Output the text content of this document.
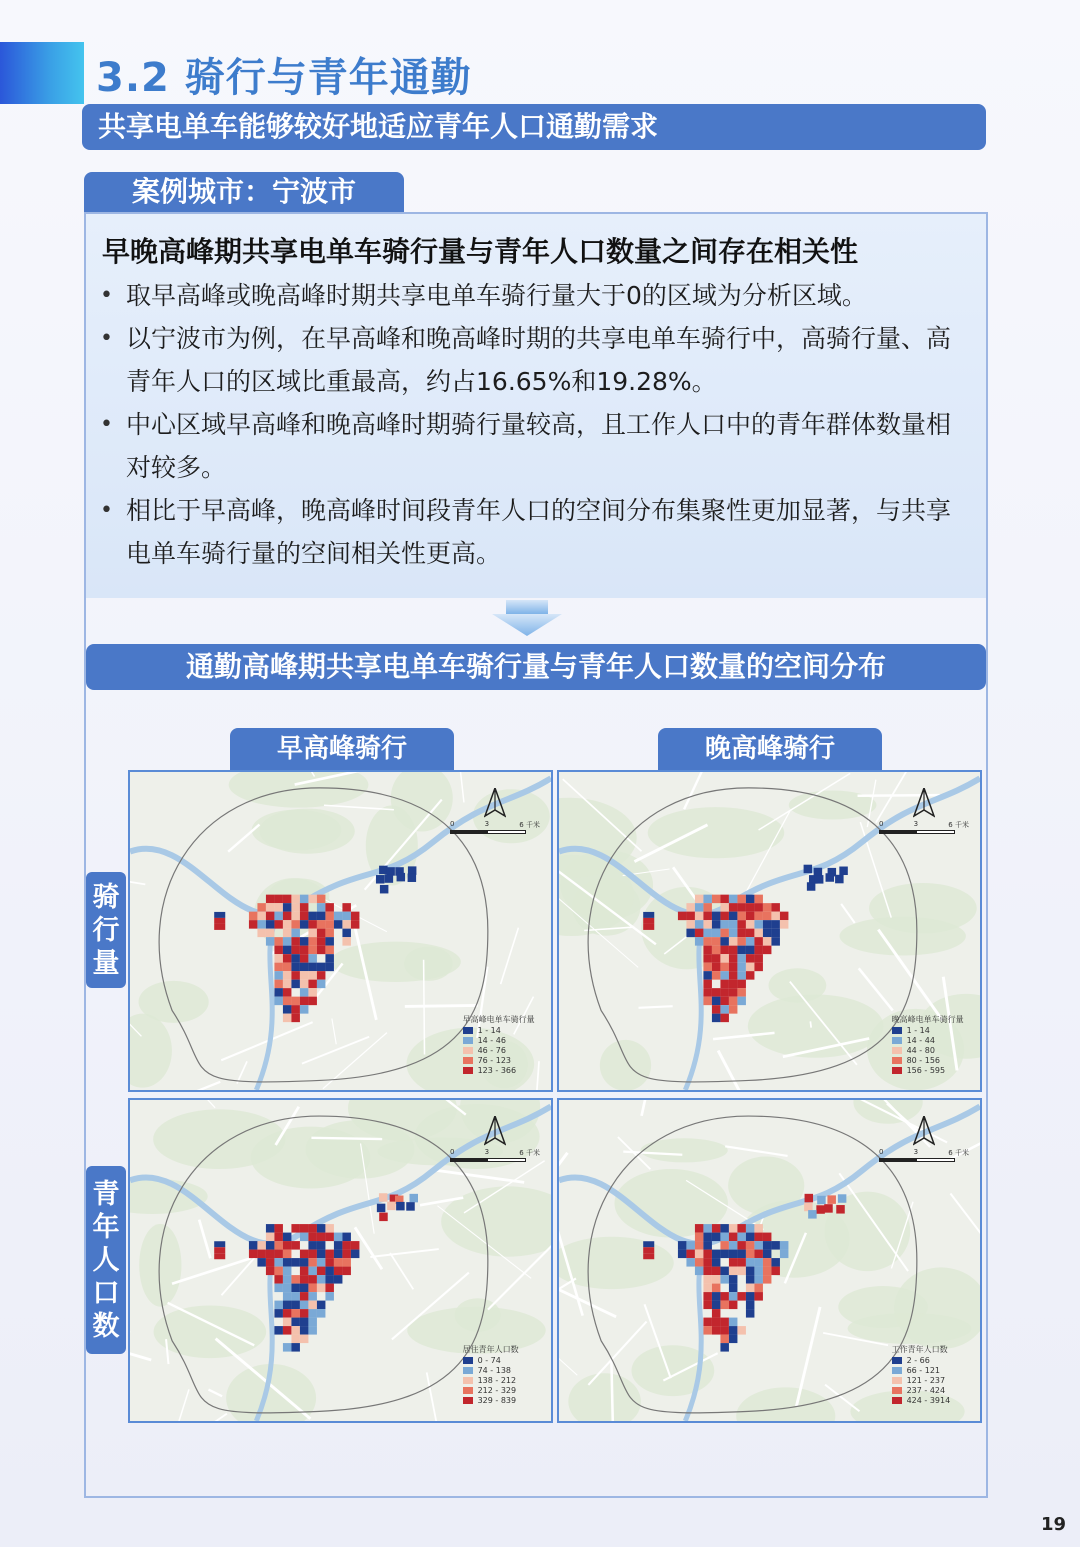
3.2 骑行与青年通勤
共享电单车能够较好地适应青年人口通勤需求
案例城市：宁波市
早晚高峰期共享电单车骑行量与青年人口数量之间存在相关性
• 取早高峰或晚高峰时期共享电单车骑行量大于0的区域为分析区域。
• 以宁波市为例，在早高峰和晚高峰时期的共享电单车骑行中，高骑行量、高青年人口的区域比重最高，约占16.65%和19.28%。
• 中心区域早高峰和晚高峰时期骑行量较高，且工作人口中的青年群体数量相对较多。
• 相比于早高峰，晚高峰时间段青年人口的空间分布集聚性更加显著，与共享电单车骑行量的空间相关性更高。
通勤高峰期共享电单车骑行量与青年人口数量的空间分布
早高峰骑行	晚高峰骑行
骑
行
量
青
年
人
口
数
0	3	6 千米
早高峰电单车骑行量
1 - 14
14 - 46
46 - 76
76 - 123
123 - 366
0	3	6 千米
晚高峰电单车骑行量
1 - 14
14 - 44
44 - 80
80 - 156
156 - 595
0	3	6 千米
居住青年人口数
0 - 74
74 - 138
138 - 212
212 - 329
329 - 839
0	3	6 千米
工作青年人口数
2 - 66
66 - 121
121 - 237
237 - 424
424 - 3914
19
